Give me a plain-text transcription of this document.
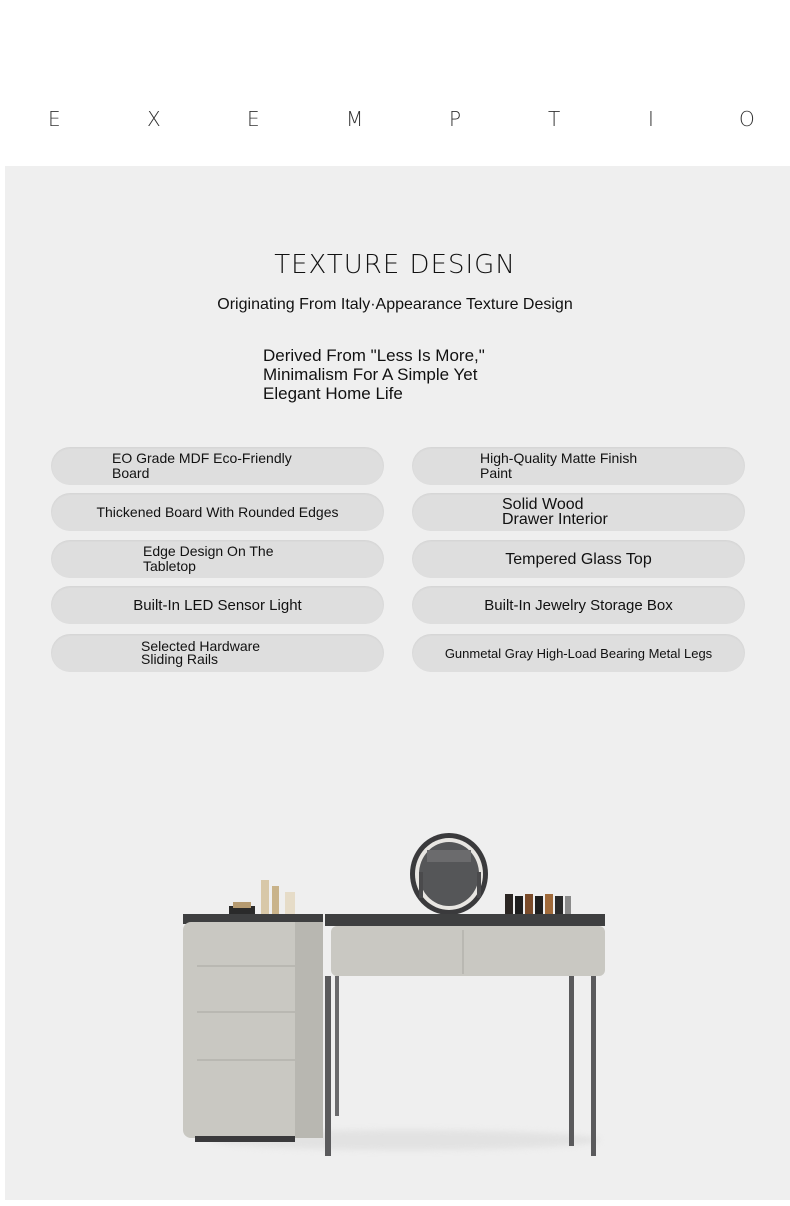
E	X	E	M	P	T	I	O
TEXTURE DESIGN
Originating From Italy·Appearance Texture Design
Derived From "Less Is More,"
Minimalism For A Simple Yet
Elegant Home Life
EO Grade MDF Eco-Friendly
Board
Thickened Board With Rounded Edges
Edge Design On The
Tabletop
Built-In LED Sensor Light
Selected Hardware
Sliding Rails
High-Quality Matte Finish
Paint
Solid Wood
Drawer Interior
Tempered Glass Top
Built-In Jewelry Storage Box
Gunmetal Gray High-Load Bearing Metal Legs
